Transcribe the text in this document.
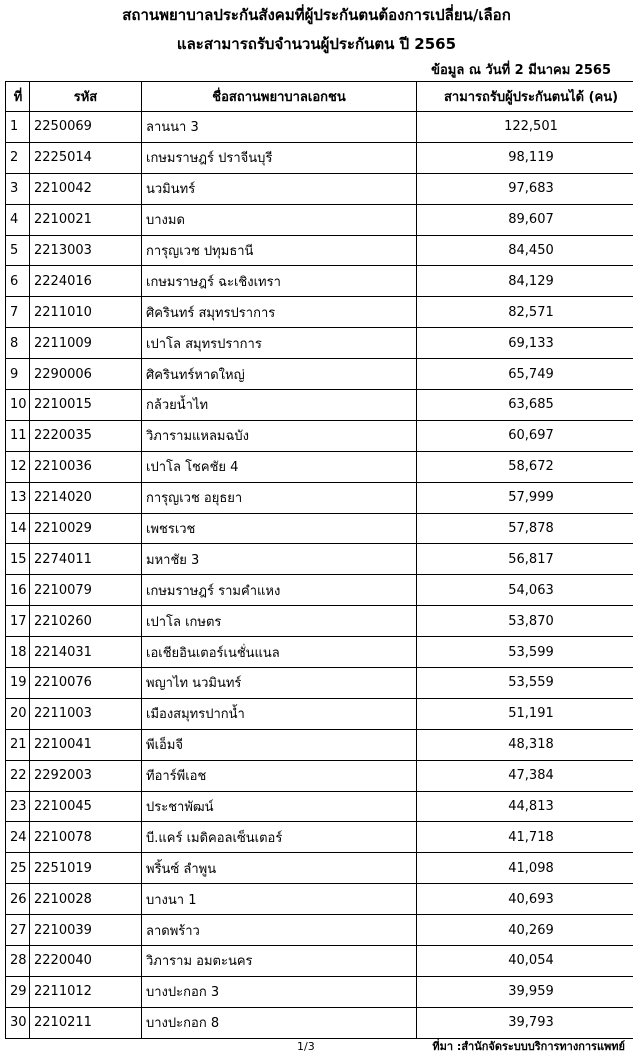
สถานพยาบาลประกันสังคมที่ผู้ประกันตนต้องการเปลี่ยน/เลือก
และสามารถรับจำนวนผู้ประกันตน ปี 2565
ข้อมูล ณ วันที่ 2 มีนาคม 2565
ที่	รหัส	ชื่อสถานพยาบาลเอกชน	สามารถรับผู้ประกันตนได้ (คน)
1	2250069	ลานนา 3	122,501
2	2225014	เกษมราษฎร์ ปราจีนบุรี	98,119
3	2210042	นวมินทร์	97,683
4	2210021	บางมด	89,607
5	2213003	การุญเวช ปทุมธานี	84,450
6	2224016	เกษมราษฎร์ ฉะเชิงเทรา	84,129
7	2211010	ศิครินทร์ สมุทรปราการ	82,571
8	2211009	เปาโล สมุทรปราการ	69,133
9	2290006	ศิครินทร์หาดใหญ่	65,749
10	2210015	กล้วยน้ำไท	63,685
11	2220035	วิภารามแหลมฉบัง	60,697
12	2210036	เปาโล โชคชัย 4	58,672
13	2214020	การุญเวช อยุธยา	57,999
14	2210029	เพชรเวช	57,878
15	2274011	มหาชัย 3	56,817
16	2210079	เกษมราษฎร์ รามคำแหง	54,063
17	2210260	เปาโล เกษตร	53,870
18	2214031	เอเชียอินเตอร์เนชั่นแนล	53,599
19	2210076	พญาไท นวมินทร์	53,559
20	2211003	เมืองสมุทรปากน้ำ	51,191
21	2210041	พีเอ็มจี	48,318
22	2292003	ทีอาร์พีเอช	47,384
23	2210045	ประชาพัฒน์	44,813
24	2210078	บี.แคร์ เมดิคอลเซ็นเตอร์	41,718
25	2251019	พริ้นซ์ ลำพูน	41,098
26	2210028	บางนา 1	40,693
27	2210039	ลาดพร้าว	40,269
28	2220040	วิภาราม อมตะนคร	40,054
29	2211012	บางปะกอก 3	39,959
30	2210211	บางปะกอก 8	39,793
1/3	ที่มา :สำนักจัดระบบบริการทางการแพทย์
